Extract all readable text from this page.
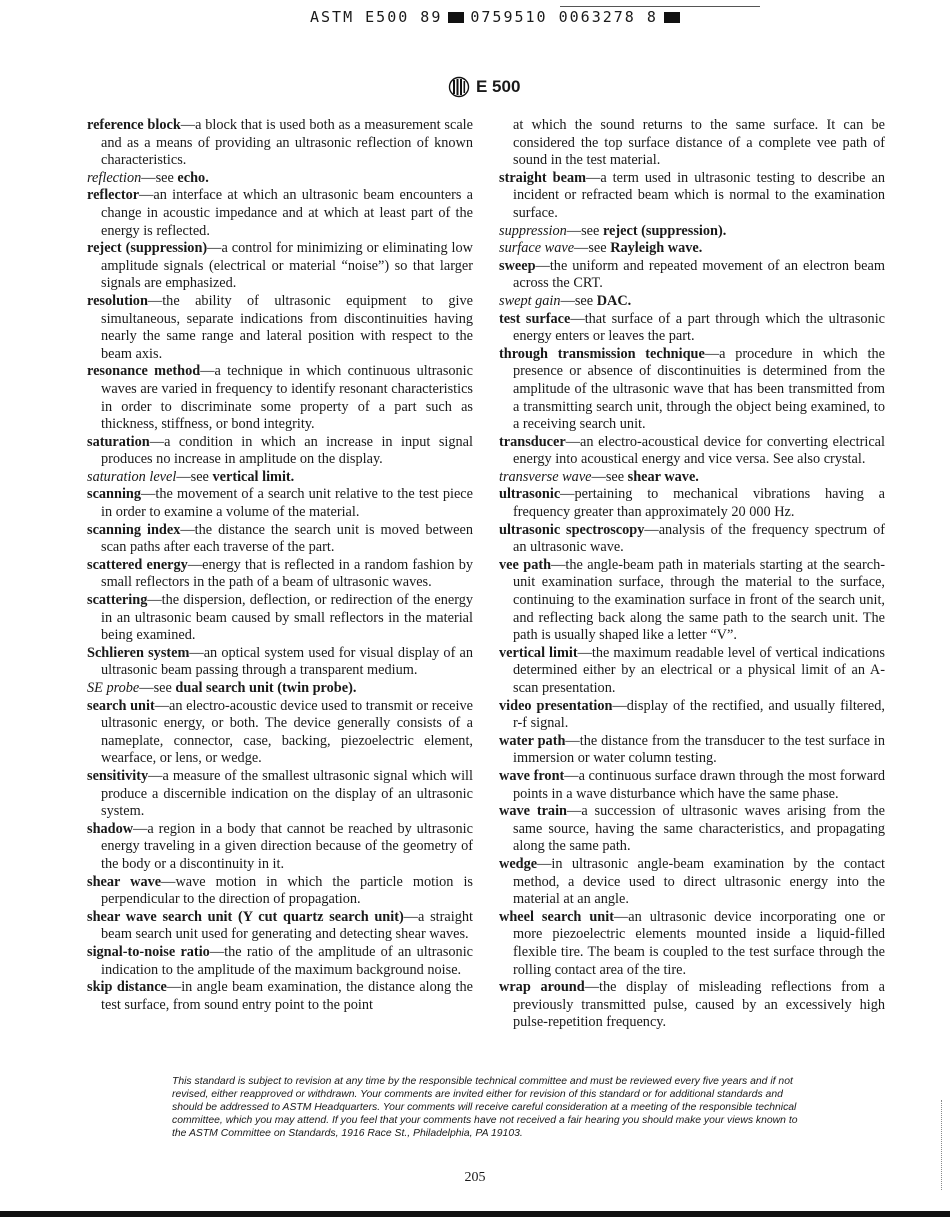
ASTM E500 89 0759510 0063278 8
E 500

reference block—a block that is used both as a measurement scale and as a means of providing an ultrasonic reflection of known characteristics.

reflection—see echo.

reflector—an interface at which an ultrasonic beam encounters a change in acoustic impedance and at which at least part of the energy is reflected.

reject (suppression)—a control for minimizing or eliminating low amplitude signals (electrical or material “noise”) so that larger signals are emphasized.

resolution—the ability of ultrasonic equipment to give simultaneous, separate indications from discontinuities having nearly the same range and lateral position with respect to the beam axis.

resonance method—a technique in which continuous ultrasonic waves are varied in frequency to identify resonant characteristics in order to discriminate some property of a part such as thickness, stiffness, or bond integrity.

saturation—a condition in which an increase in input signal produces no increase in amplitude on the display.

saturation level—see vertical limit.

scanning—the movement of a search unit relative to the test piece in order to examine a volume of the material.

scanning index—the distance the search unit is moved between scan paths after each traverse of the part.

scattered energy—energy that is reflected in a random fashion by small reflectors in the path of a beam of ultrasonic waves.

scattering—the dispersion, deflection, or redirection of the energy in an ultrasonic beam caused by small reflectors in the material being examined.

Schlieren system—an optical system used for visual display of an ultrasonic beam passing through a transparent medium.

SE probe—see dual search unit (twin probe).

search unit—an electro-acoustic device used to transmit or receive ultrasonic energy, or both. The device generally consists of a nameplate, connector, case, backing, piezoelectric element, wearface, or lens, or wedge.

sensitivity—a measure of the smallest ultrasonic signal which will produce a discernible indication on the display of an ultrasonic system.

shadow—a region in a body that cannot be reached by ultrasonic energy traveling in a given direction because of the geometry of the body or a discontinuity in it.

shear wave—wave motion in which the particle motion is perpendicular to the direction of propagation.

shear wave search unit (Y cut quartz search unit)—a straight beam search unit used for generating and detecting shear waves.

signal-to-noise ratio—the ratio of the amplitude of an ultrasonic indication to the amplitude of the maximum background noise.

skip distance—in angle beam examination, the distance along the test surface, from sound entry point to the point

at which the sound returns to the same surface. It can be considered the top surface distance of a complete vee path of sound in the test material.

straight beam—a term used in ultrasonic testing to describe an incident or refracted beam which is normal to the examination surface.

suppression—see reject (suppression).

surface wave—see Rayleigh wave.

sweep—the uniform and repeated movement of an electron beam across the CRT.

swept gain—see DAC.

test surface—that surface of a part through which the ultrasonic energy enters or leaves the part.

through transmission technique—a procedure in which the presence or absence of discontinuities is determined from the amplitude of the ultrasonic wave that has been transmitted from a transmitting search unit, through the object being examined, to a receiving search unit.

transducer—an electro-acoustical device for converting electrical energy into acoustical energy and vice versa. See also crystal.

transverse wave—see shear wave.

ultrasonic—pertaining to mechanical vibrations having a frequency greater than approximately 20 000 Hz.

ultrasonic spectroscopy—analysis of the frequency spectrum of an ultrasonic wave.

vee path—the angle-beam path in materials starting at the search-unit examination surface, through the material to the surface, continuing to the examination surface in front of the search unit, and reflecting back along the same path to the search unit. The path is usually shaped like a letter “V”.

vertical limit—the maximum readable level of vertical indications determined either by an electrical or a physical limit of an A-scan presentation.

video presentation—display of the rectified, and usually filtered, r-f signal.

water path—the distance from the transducer to the test surface in immersion or water column testing.

wave front—a continuous surface drawn through the most forward points in a wave disturbance which have the same phase.

wave train—a succession of ultrasonic waves arising from the same source, having the same characteristics, and propagating along the same path.

wedge—in ultrasonic angle-beam examination by the contact method, a device used to direct ultrasonic energy into the material at an angle.

wheel search unit—an ultrasonic device incorporating one or more piezoelectric elements mounted inside a liquid-filled flexible tire. The beam is coupled to the test surface through the rolling contact area of the tire.

wrap around—the display of misleading reflections from a previously transmitted pulse, caused by an excessively high pulse-repetition frequency.

This standard is subject to revision at any time by the responsible technical committee and must be reviewed every five years and if not revised, either reapproved or withdrawn. Your comments are invited either for revision of this standard or for additional standards and should be addressed to ASTM Headquarters. Your comments will receive careful consideration at a meeting of the responsible technical committee, which you may attend. If you feel that your comments have not received a fair hearing you should make your views known to the ASTM Committee on Standards, 1916 Race St., Philadelphia, PA 19103.
205
